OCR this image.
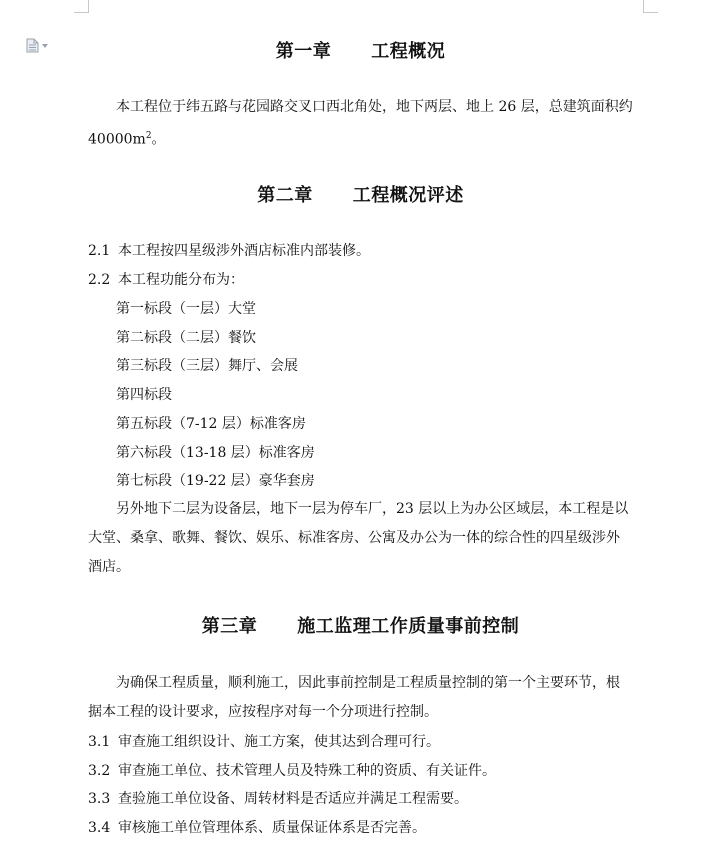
第一章 工程概况

本工程位于纬五路与花园路交叉口西北角处，地下两层、地上 26 层，总建筑面积约 $40000m^2$。

第二章 工程概况评述
2.1 本工程按四星级涉外酒店标准内部装修。
2.2 本工程功能分布为：
第一标段（一层）大堂
第二标段（二层）餐饮
第三标段（三层）舞厅、会展
第四标段
第五标段（7-12 层）标准客房
第六标段（13-18 层）标准客房
第七标段（19-22 层）豪华套房

另外地下二层为设备层，地下一层为停车厂，23 层以上为办公区域层，本工程是以大堂、桑拿、歌舞、餐饮、娱乐、标准客房、公寓及办公为一体的综合性的四星级涉外酒店。

第三章 施工监理工作质量事前控制

为确保工程质量，顺利施工，因此事前控制是工程质量控制的第一个主要环节，根据本工程的设计要求，应按程序对每一个分项进行控制。

3.1 审查施工组织设计、施工方案，使其达到合理可行。
3.2 审查施工单位、技术管理人员及特殊工种的资质、有关证件。
3.3 查验施工单位设备、周转材料是否适应并满足工程需要。
3.4 审核施工单位管理体系、质量保证体系是否完善。
